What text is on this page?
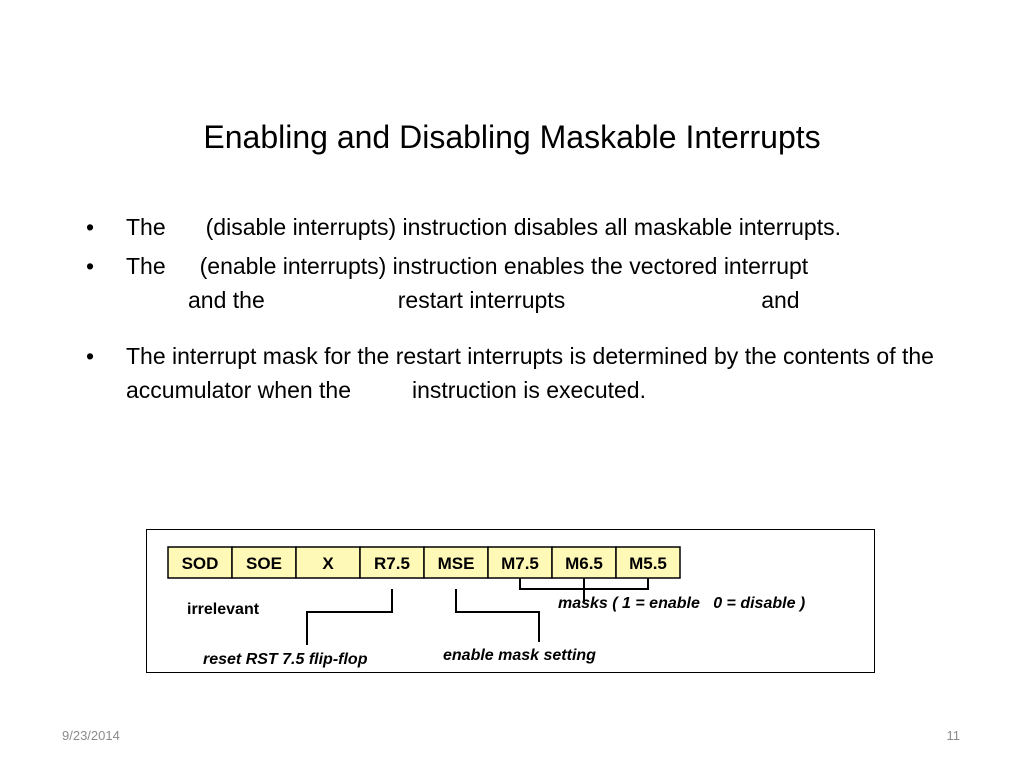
Enabling and Disabling Maskable Interrupts
• The (disable interrupts) instruction disables all maskable interrupts.
• The (enable interrupts) instruction enables the vectored interrupt
and the	restart interrupts	and
• The interrupt mask for the restart interrupts is determined by the contents of the accumulator when the	instruction is executed.
SOD SOE X R7.5 MSE M7.5 M6.5 M5.5
irrelevant	masks ( 1 = enable   0 = disable )
reset RST 7.5 flip-flop	enable mask setting
9/23/2014	11
